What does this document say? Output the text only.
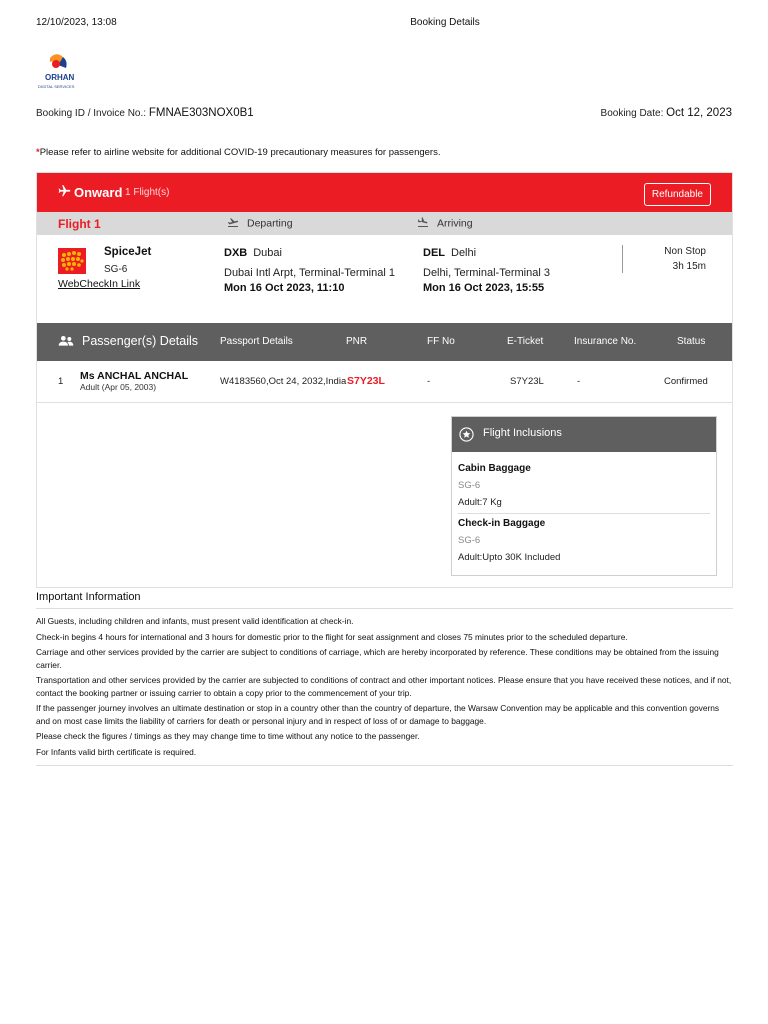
12/10/2023, 13:08	Booking Details
ORHAN
DIGITAL SERVICES
Booking ID / Invoice No.: FMNAE303NOX0B1	Booking Date: Oct 12, 2023
*Please refer to airline website for additional COVID-19 precautionary measures for passengers.
Onward 1 Flight(s)	Refundable
Flight 1	Departing	Arriving
SpiceJet
SG-6
WebCheckIn Link
DXB Dubai
Dubai Intl Arpt, Terminal-Terminal 1
Mon 16 Oct 2023, 11:10
DEL Delhi
Delhi, Terminal-Terminal 3
Mon 16 Oct 2023, 15:55
Non Stop
3h 15m
Passenger(s) Details Passport Details	PNR	FF No	E-Ticket	Insurance No.	Status
1 Ms ANCHAL ANCHAL
Adult (Apr 05, 2003)	W4183560,Oct 24, 2032,India S7Y23L	-	S7Y23L	-	Confirmed
Flight Inclusions
Cabin Baggage
SG-6
Adult:7 Kg
Check-in Baggage
SG-6
Adult:Upto 30K Included
Important Information
All Guests, including children and infants, must present valid identification at check-in.
Check-in begins 4 hours for international and 3 hours for domestic prior to the flight for seat assignment and closes 75 minutes prior to the scheduled departure.
Carriage and other services provided by the carrier are subject to conditions of carriage, which are hereby incorporated by reference. These conditions may be obtained from the issuing carrier.
Transportation and other services provided by the carrier are subjected to conditions of contract and other important notices. Please ensure that you have received these notices, and if not, contact the booking partner or issuing carrier to obtain a copy prior to the commencement of your trip.
If the passenger journey involves an ultimate destination or stop in a country other than the country of departure, the Warsaw Convention may be applicable and this convention governs and on most case limits the liability of carriers for death or personal injury and in respect of loss of or damage to baggage.
Please check the figures / timings as they may change time to time without any notice to the passenger.
For Infants valid birth certificate is required.
